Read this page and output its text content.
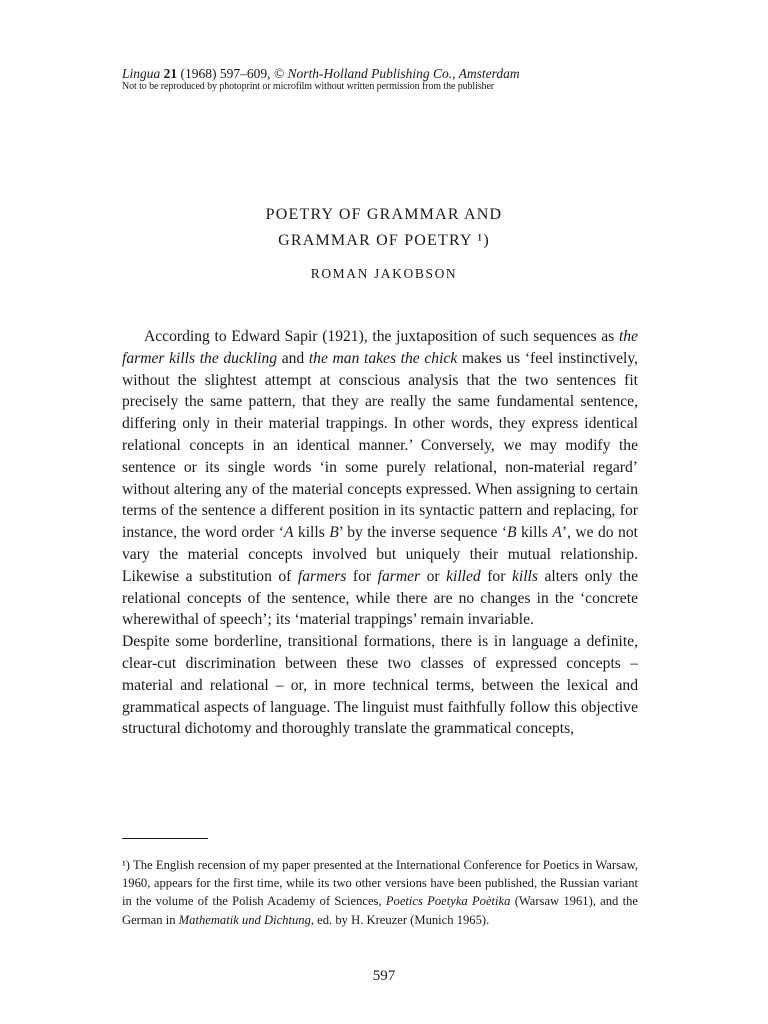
Lingua 21 (1968) 597–609, © North-Holland Publishing Co., Amsterdam
Not to be reproduced by photoprint or microfilm without written permission from the publisher
POETRY OF GRAMMAR AND
GRAMMAR OF POETRY ¹)
ROMAN JAKOBSON

According to Edward Sapir (1921), the juxtaposition of such sequences as the farmer kills the duckling and the man takes the chick makes us ‘feel instinctively, without the slightest attempt at conscious analysis that the two sentences fit precisely the same pattern, that they are really the same fundamental sentence, differing only in their material trappings. In other words, they express identical relational concepts in an identical manner.’ Conversely, we may modify the sentence or its single words ‘in some purely relational, non-material regard’ without altering any of the material concepts expressed. When assigning to certain terms of the sentence a different position in its syntactic pattern and replacing, for instance, the word order ‘A kills B’ by the inverse sequence ‘B kills A’, we do not vary the material concepts involved but uniquely their mutual relationship. Likewise a substitution of farmers for farmer or killed for kills alters only the relational concepts of the sentence, while there are no changes in the ‘concrete wherewithal of speech’; its ‘material trappings’ remain invariable.

Despite some borderline, transitional formations, there is in language a definite, clear-cut discrimination between these two classes of expressed concepts – material and relational – or, in more technical terms, between the lexical and grammatical aspects of language. The linguist must faithfully follow this objective structural dichotomy and thoroughly translate the grammatical concepts,

¹) The English recension of my paper presented at the International Conference for Poetics in Warsaw, 1960, appears for the first time, while its two other versions have been published, the Russian variant in the volume of the Polish Academy of Sciences, Poetics Poetyka Poètika (Warsaw 1961), and the German in Mathematik und Dichtung, ed. by H. Kreuzer (Munich 1965).
597
